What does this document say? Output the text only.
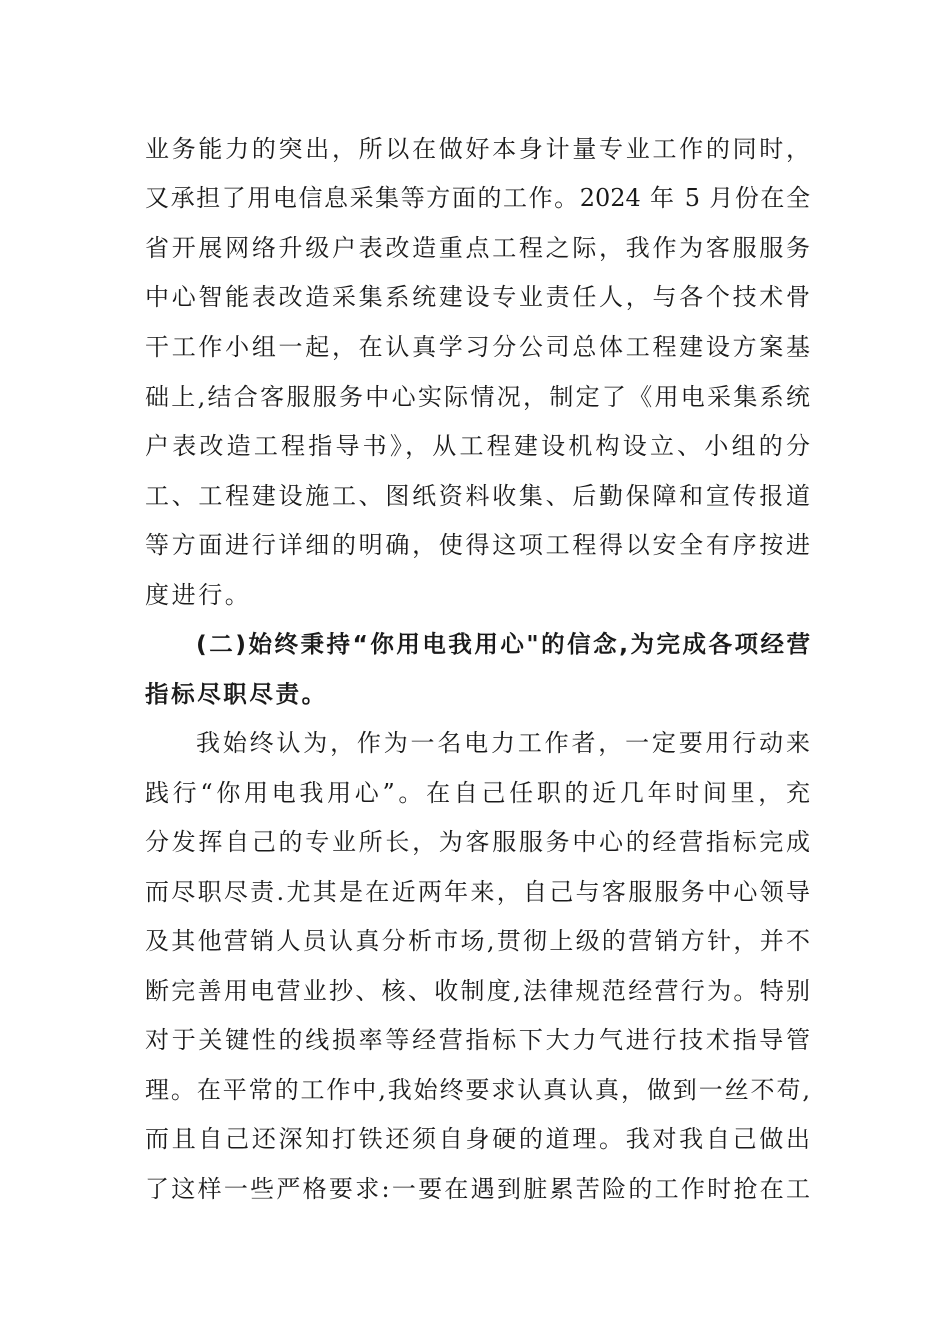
业务能力的突出，所以在做好本身计量专业工作的同时，
又承担了用电信息采集等方面的工作。2024 年 5 月份在全
省开展网络升级户表改造重点工程之际，我作为客服服务
中心智能表改造采集系统建设专业责任人，与各个技术骨
干工作小组一起，在认真学习分公司总体工程建设方案基
础上,结合客服服务中心实际情况，制定了《用电采集系统
户表改造工程指导书》，从工程建设机构设立、小组的分
工、工程建设施工、图纸资料收集、后勤保障和宣传报道
等方面进行详细的明确，使得这项工程得以安全有序按进
度进行。
(二)始终秉持“你用电我用心"的信念,为完成各项经营
指标尽职尽责。
我始终认为，作为一名电力工作者，一定要用行动来
践行“你用电我用心”。在自己任职的近几年时间里，充
分发挥自己的专业所长，为客服服务中心的经营指标完成
而尽职尽责.尤其是在近两年来，自己与客服服务中心领导
及其他营销人员认真分析市场,贯彻上级的营销方针，并不
断完善用电营业抄、核、收制度,法律规范经营行为。特别
对于关键性的线损率等经营指标下大力气进行技术指导管
理。在平常的工作中,我始终要求认真认真，做到一丝不苟,
而且自己还深知打铁还须自身硬的道理。我对我自己做出
了这样一些严格要求:一要在遇到脏累苦险的工作时抢在工
